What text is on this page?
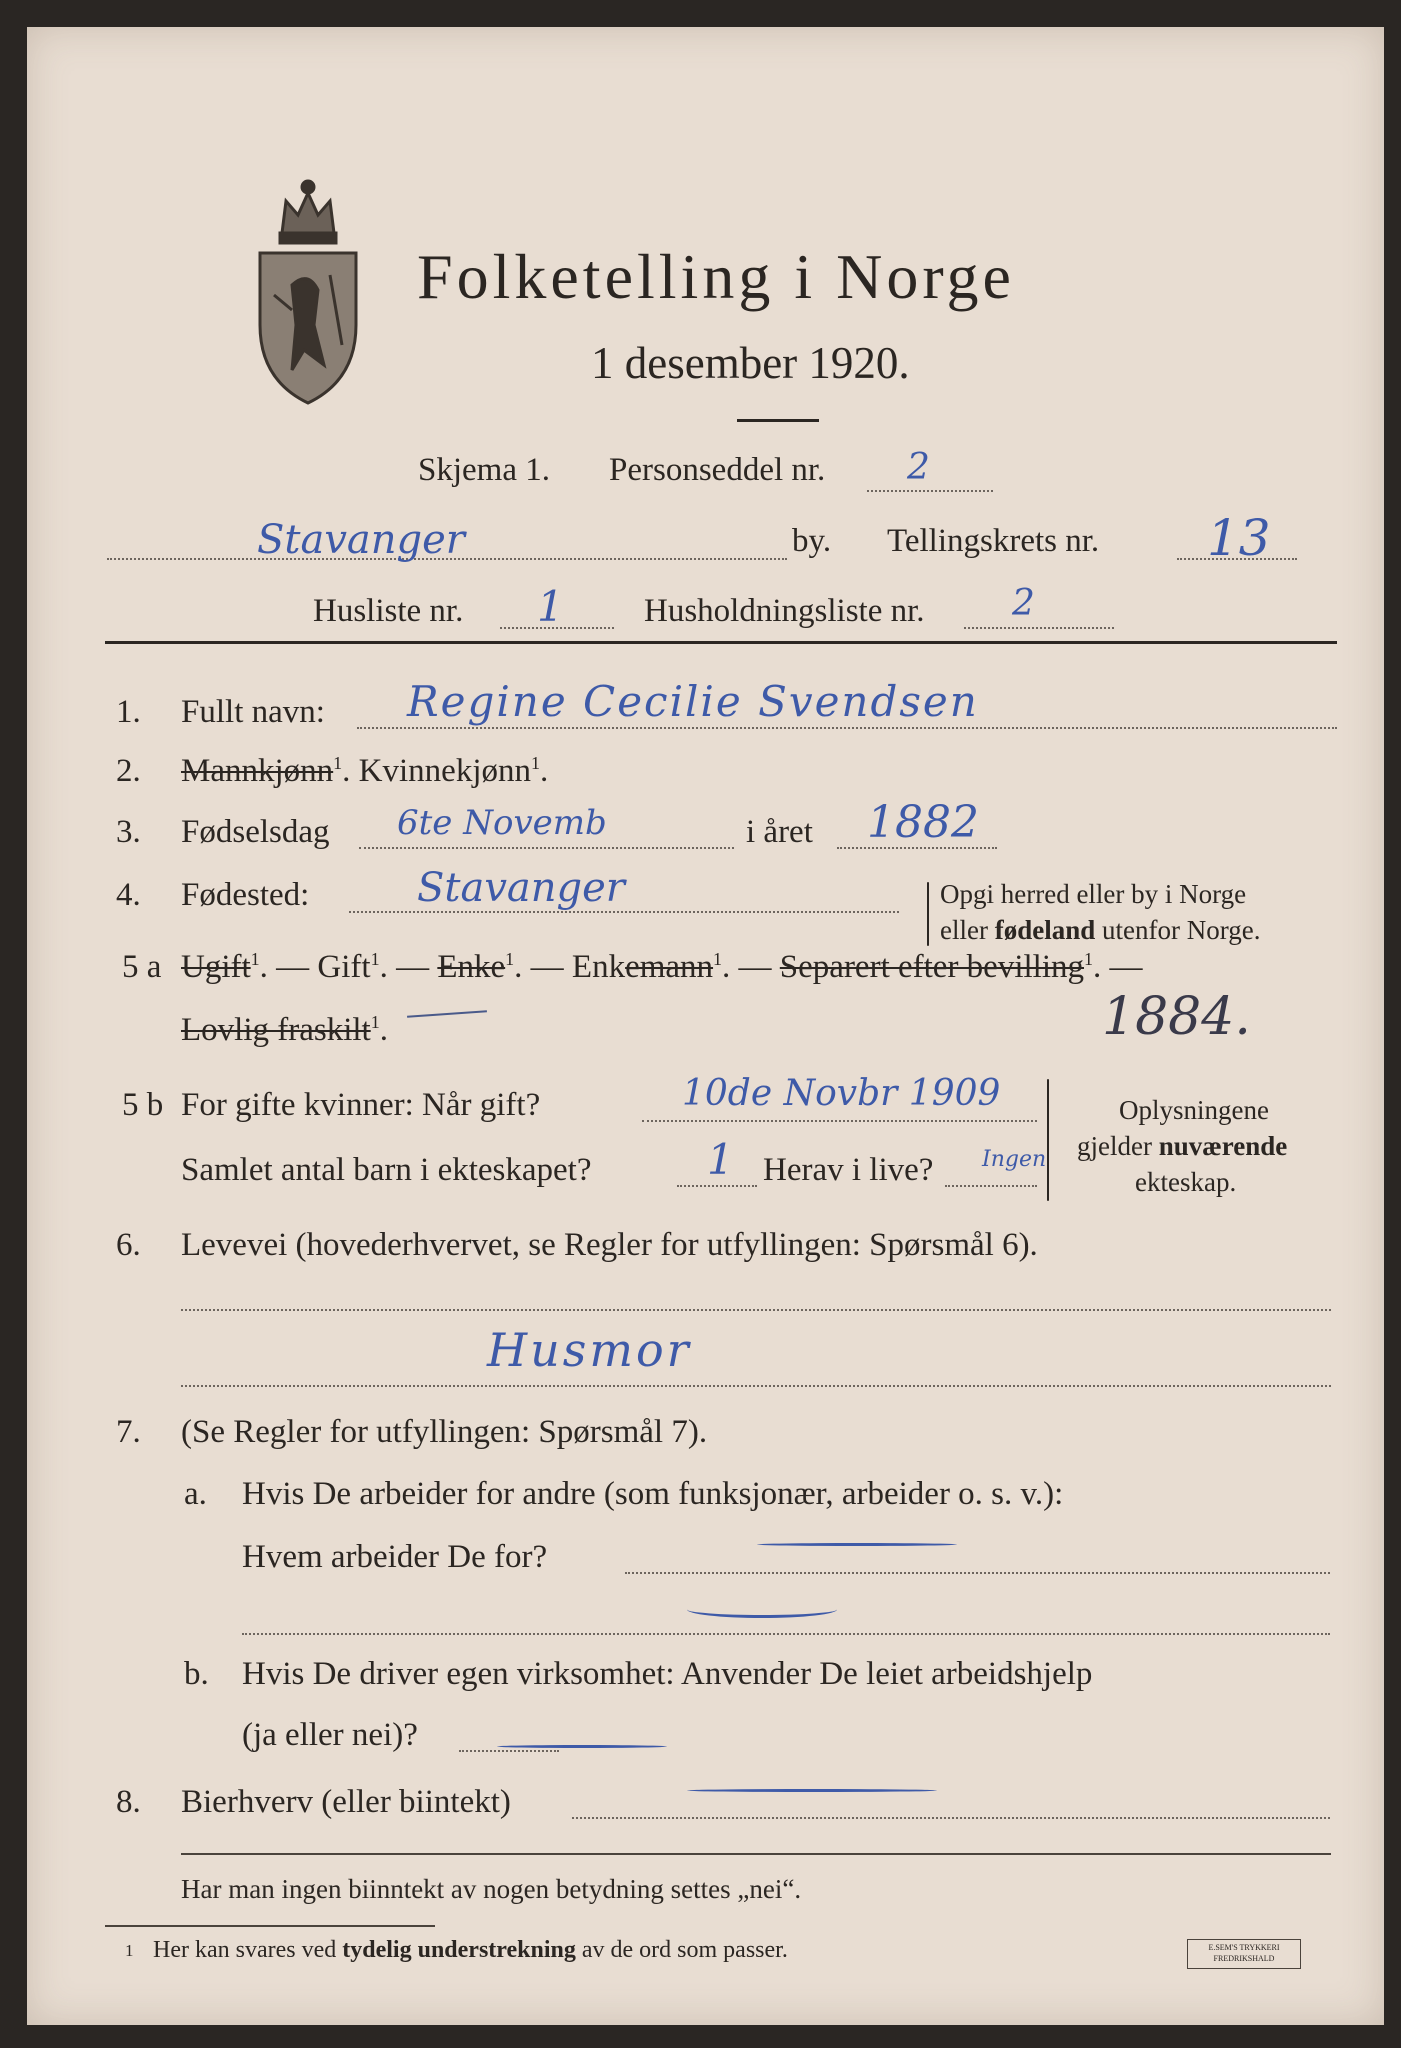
Folketelling i Norge
1 desember 1920.
Skjema 1. Personseddel nr. 2
Stavanger	by. Tellingskrets nr. 13
Husliste nr. 1 Husholdningsliste nr. 2
1. Fullt navn: Regine Cecilie Svendsen
2. Mannkjønn$^1$. Kvinnekjønn$^1$.
3. Fødselsdag 6te Novemb	i året 1882
4. Fødested:	Stavanger	Opgi herred eller by i Norge
eller fødeland utenfor Norge.
5 a Ugift$^1$. — Gift$^1$. — Enke$^1$. — Enkemann$^1$. — Separert efter bevilling$^1$. —
Lovlig fraskilt$^1$.	1884.
5 b For gifte kvinner: Når gift?	10de Novbr 1909
Samlet antal barn i ekteskapet?	1 Herav i live? Ingen
Oplysningene
gjelder nuværende
ekteskap.
6. Levevei (hovederhvervet, se Regler for utfyllingen: Spørsmål 6).
Husmor
7. (Se Regler for utfyllingen: Spørsmål 7).
a. Hvis De arbeider for andre (som funksjonær, arbeider o. s. v.):
Hvem arbeider De for?
b. Hvis De driver egen virksomhet: Anvender De leiet arbeidshjelp
(ja eller nei)?
8. Bierhverv (eller biintekt)
Har man ingen biinntekt av nogen betydning settes „nei“.
1 Her kan svares ved tydelig understrekning av de ord som passer.	E.SEM'S TRYKKERI
FREDRIKSHALD
